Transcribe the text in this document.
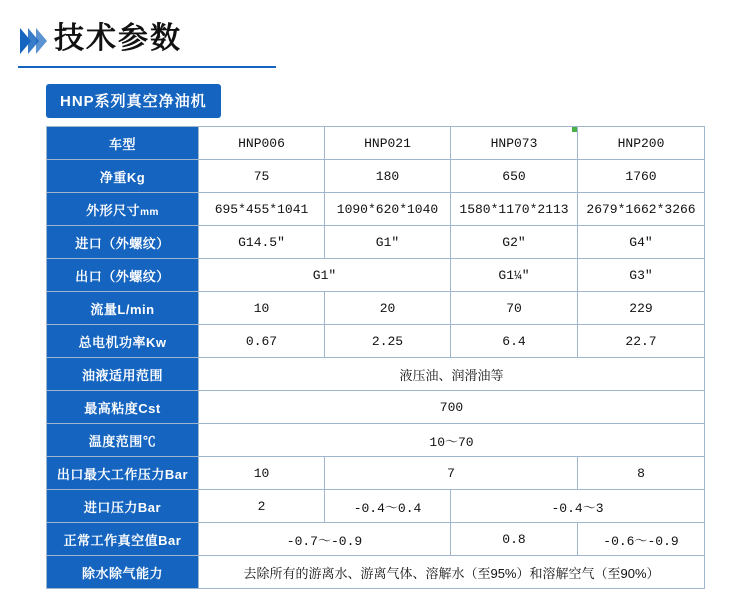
技术参数
HNP系列真空净油机
车型	HNP006	HNP021	HNP073	HNP200
净重Kg	75	180	650	1760
外形尺寸mm	695*455*1041	1090*620*1040	1580*1170*2113	2679*1662*3266
进口（外螺纹）	G14.5″	G1″	G2″	G4″
出口（外螺纹）	G1″		G1¼″	G3″
流量L/min	10	20	70	229
总电机功率Kw	0.67	2.25	6.4	22.7
油液适用范围	液压油、润滑油等			
最高粘度Cst	700			
温度范围℃	10～70			
出口最大工作压力Bar	10	7		8
进口压力Bar	2	-0.4～0.4	-0.4～3	
正常工作真空值Bar	-0.7～-0.9		0.8	-0.6～-0.9
除水除气能力	去除所有的游离水、游离气体、溶解水（至95%）和溶解空气（至90%）			
